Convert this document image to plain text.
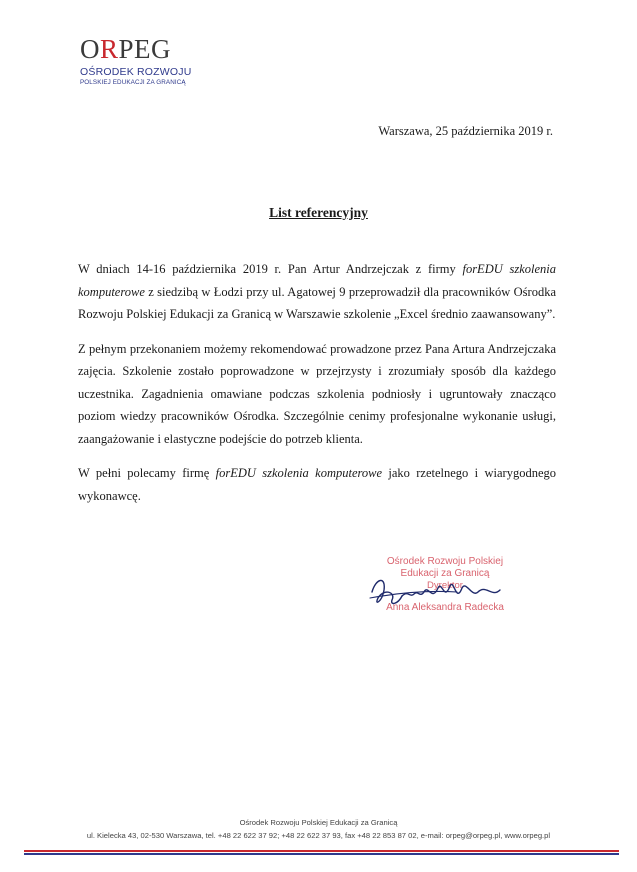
ORPEG
OŚRODEK ROZWOJU
POLSKIEJ EDUKACJI ZA GRANICĄ
Warszawa, 25 października 2019 r.
List referencyjny

W dniach 14-16 października 2019 r. Pan Artur Andrzejczak z firmy forEDU szkolenia komputerowe z siedzibą w Łodzi przy ul. Agatowej 9 przeprowadził dla pracowników Ośrodka Rozwoju Polskiej Edukacji za Granicą w Warszawie szkolenie „Excel średnio zaawansowany”.

Z pełnym przekonaniem możemy rekomendować prowadzone przez Pana Artura Andrzejczaka zajęcia. Szkolenie zostało poprowadzone w przejrzysty i zrozumiały sposób dla każdego uczestnika. Zagadnienia omawiane podczas szkolenia podniosły i ugruntowały znacząco poziom wiedzy pracowników Ośrodka. Szczególnie cenimy profesjonalne wykonanie usługi, zaangażowanie i elastyczne podejście do potrzeb klienta.

W pełni polecamy firmę forEDU szkolenia komputerowe jako rzetelnego i wiarygodnego wykonawcę.

Ośrodek Rozwoju Polskiej
Edukacji za Granicą
Dyrektor
Anna Aleksandra Radecka
Ośrodek Rozwoju Polskiej Edukacji za Granicą
ul. Kielecka 43, 02-530 Warszawa, tel. +48 22 622 37 92; +48 22 622 37 93, fax +48 22 853 87 02, e-mail: orpeg@orpeg.pl, www.orpeg.pl
